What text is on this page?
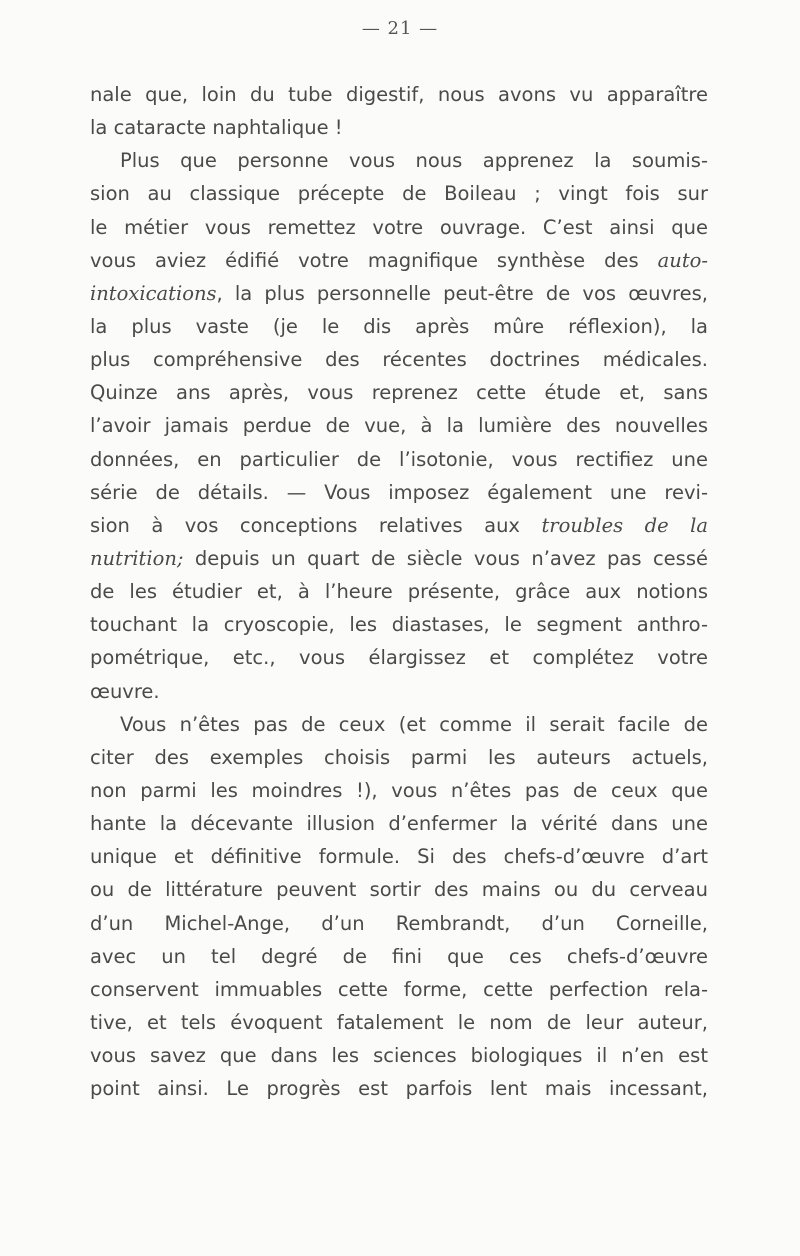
— 21 —
nale que, loin du tube digestif, nous avons vu apparaître
la cataracte naphtalique !
Plus que personne vous nous apprenez la soumis-
sion au classique précepte de Boileau ; vingt fois sur
le métier vous remettez votre ouvrage. C’est ainsi que
vous aviez édifié votre magnifique synthèse des auto-
intoxications, la plus personnelle peut-être de vos œuvres,
la plus vaste (je le dis après mûre réflexion), la
plus compréhensive des récentes doctrines médicales.
Quinze ans après, vous reprenez cette étude et, sans
l’avoir jamais perdue de vue, à la lumière des nouvelles
données, en particulier de l’isotonie, vous rectifiez une
série de détails. — Vous imposez également une revi-
sion à vos conceptions relatives aux troubles de la
nutrition; depuis un quart de siècle vous n’avez pas cessé
de les étudier et, à l’heure présente, grâce aux notions
touchant la cryoscopie, les diastases, le segment anthro-
pométrique, etc., vous élargissez et complétez votre
œuvre.
Vous n’êtes pas de ceux (et comme il serait facile de
citer des exemples choisis parmi les auteurs actuels,
non parmi les moindres !), vous n’êtes pas de ceux que
hante la décevante illusion d’enfermer la vérité dans une
unique et définitive formule. Si des chefs-d’œuvre d’art
ou de littérature peuvent sortir des mains ou du cerveau
d’un Michel-Ange, d’un Rembrandt, d’un Corneille,
avec un tel degré de fini que ces chefs-d’œuvre
conservent immuables cette forme, cette perfection rela-
tive, et tels évoquent fatalement le nom de leur auteur,
vous savez que dans les sciences biologiques il n’en est
point ainsi. Le progrès est parfois lent mais incessant,
